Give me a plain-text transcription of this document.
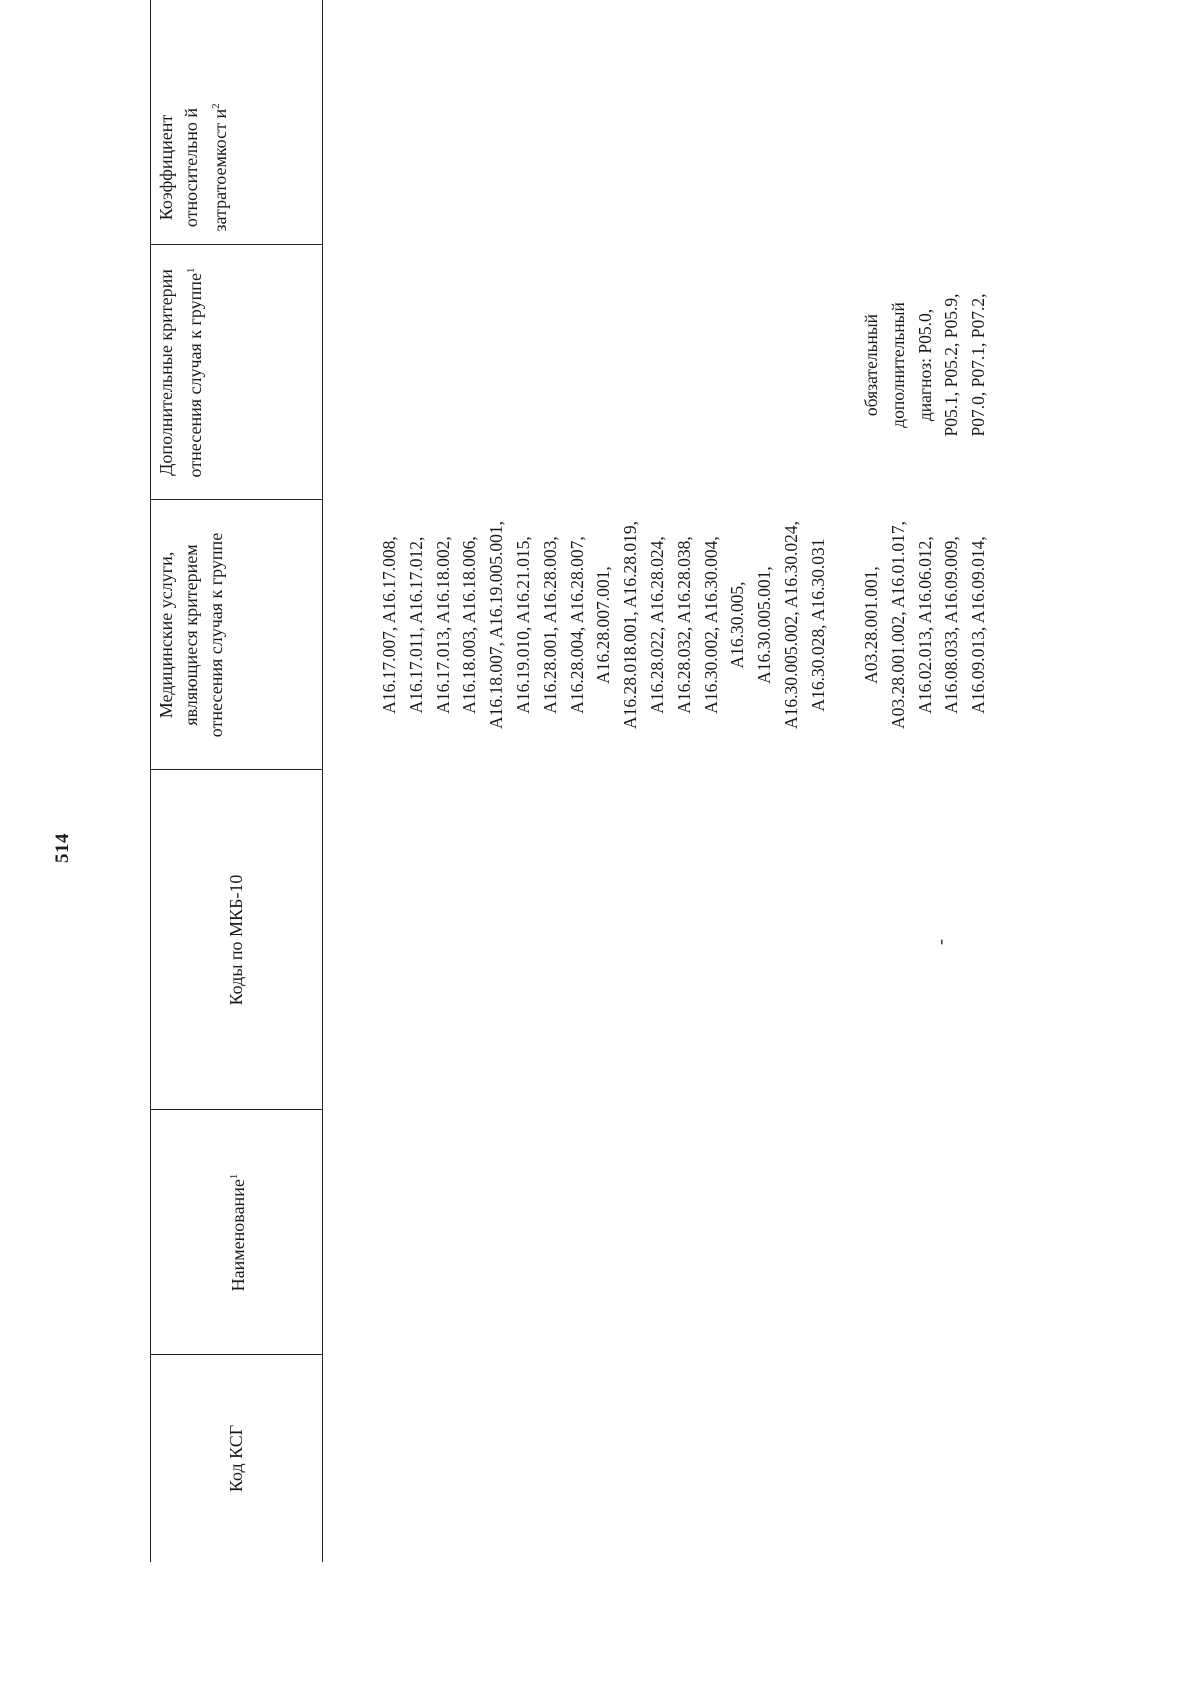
514
Код КСГ
Наименование$^1$
Коды по МКБ-10
Медицинские услуги, являющиеся критерием отнесения случая к группе
Дополнительные критерии отнесения случая к группе$^1$
Коэффициент относительно й затратоемкост $и^2$
A16.17.007, A16.17.008,
A16.17.011, A16.17.012,
A16.17.013, A16.18.002,
A16.18.003, A16.18.006,
A16.18.007, A16.19.005.001,
A16.19.010, A16.21.015,
A16.28.001, A16.28.003,
A16.28.004, A16.28.007,
A16.28.007.001,
A16.28.018.001, A16.28.019,
A16.28.022, A16.28.024,
A16.28.032, A16.28.038,
A16.30.002, A16.30.004,
A16.30.005,
A16.30.005.001,
A16.30.005.002, A16.30.024,
A16.30.028, A16.30.031
-
A03.28.001.001,
A03.28.001.002, A16.01.017,
A16.02.013, A16.06.012,
A16.08.033, A16.09.009,
A16.09.013, A16.09.014,
обязательный
дополнительный
диагноз: P05.0,
P05.1, P05.2, P05.9,
P07.0, P07.1, P07.2,
